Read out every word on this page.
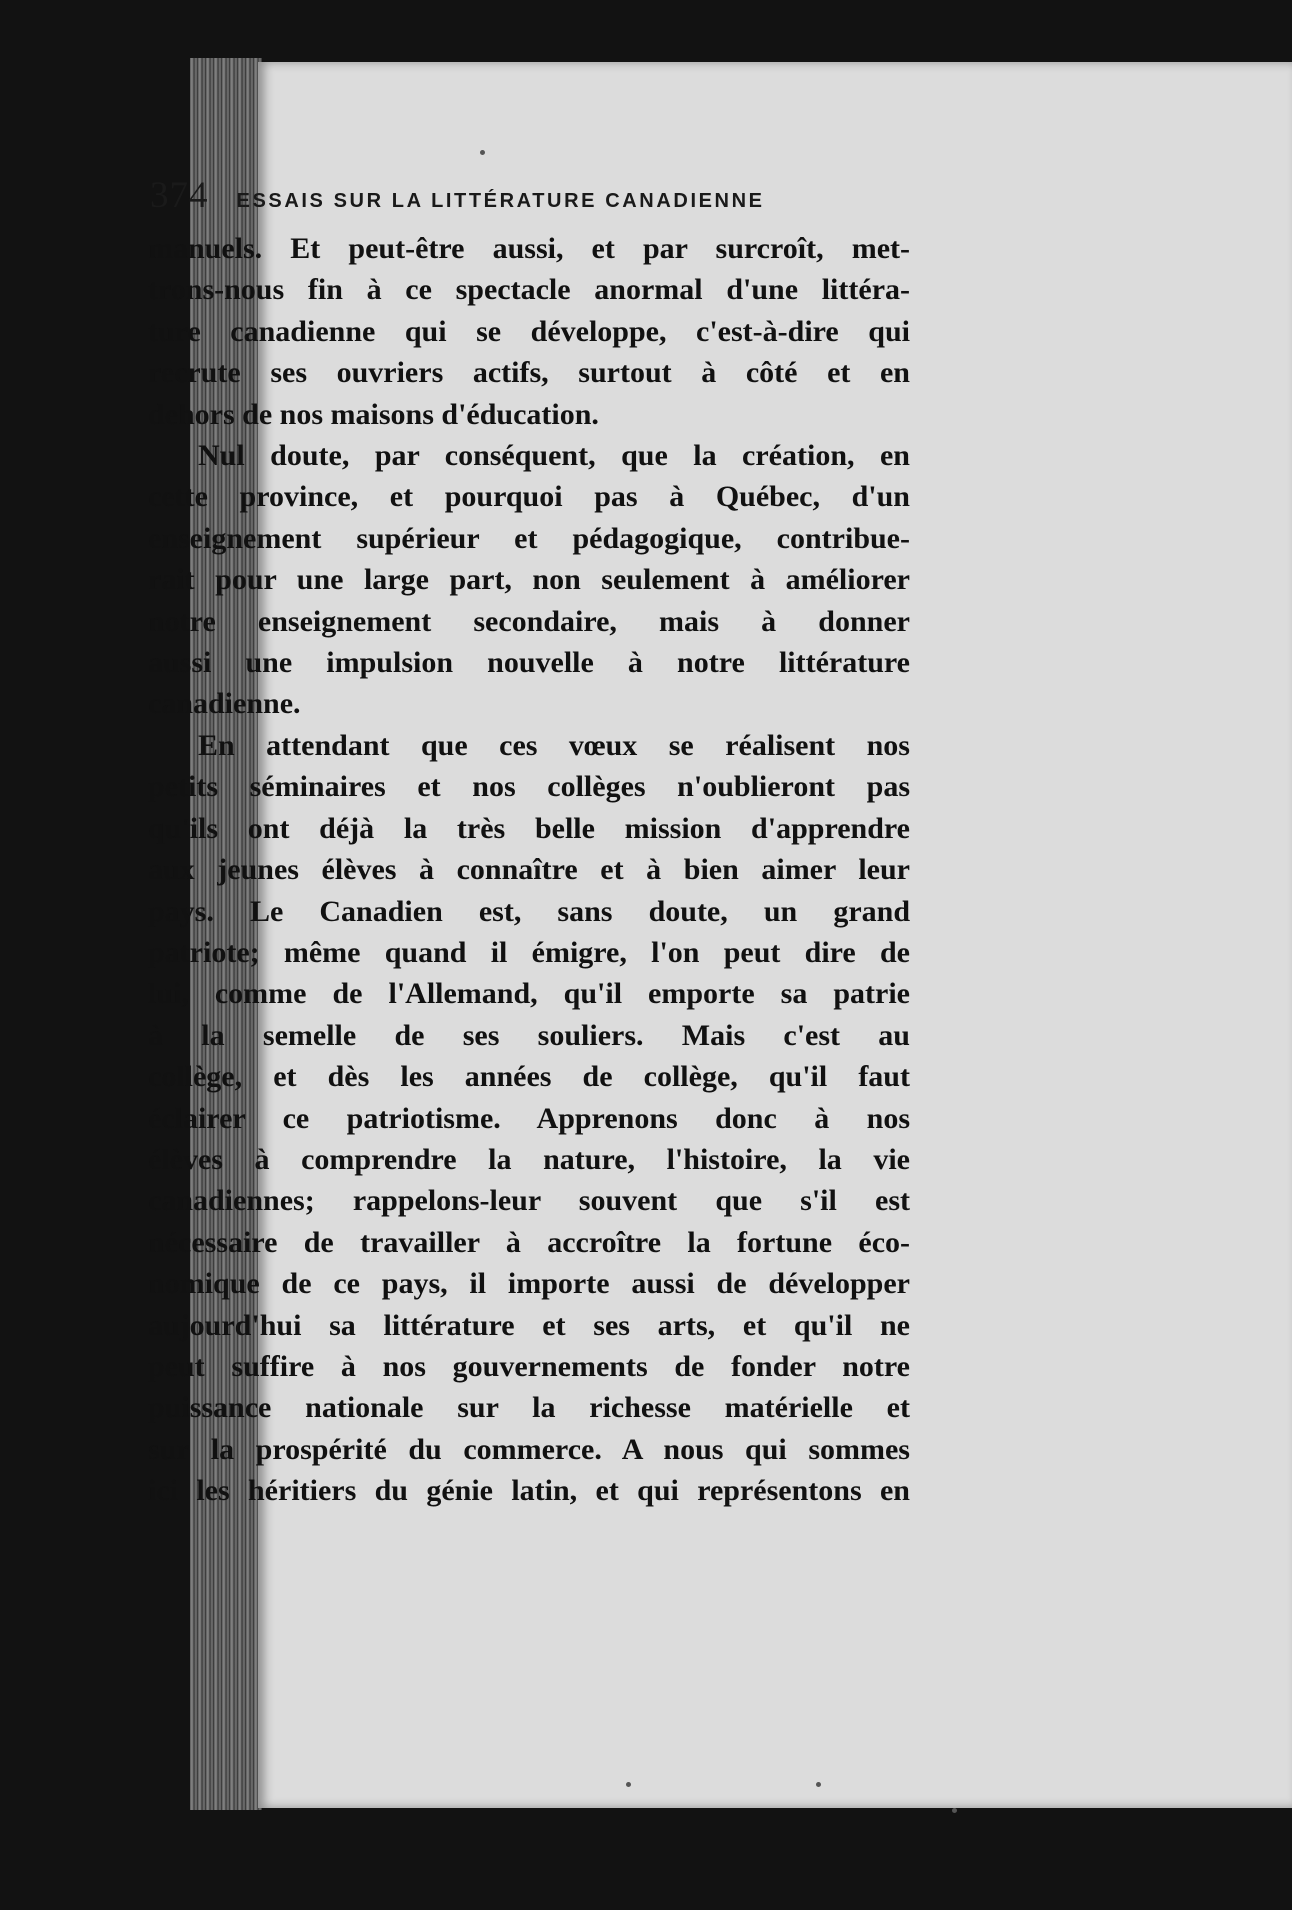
374 ESSAIS SUR LA LITTÉRATURE CANADIENNE
manuels. Et peut-être aussi, et par surcroît, met-
trons-nous fin à ce spectacle anormal d'une littéra-
ture canadienne qui se développe, c'est-à-dire qui
recrute ses ouvriers actifs, surtout à côté et en
dehors de nos maisons d'éducation.
Nul doute, par conséquent, que la création, en
cette province, et pourquoi pas à Québec, d'un
enseignement supérieur et pédagogique, contribue-
rait pour une large part, non seulement à améliorer
notre enseignement secondaire, mais à donner
aussi une impulsion nouvelle à notre littérature
canadienne.
En attendant que ces vœux se réalisent nos
petits séminaires et nos collèges n'oublieront pas
qu'ils ont déjà la très belle mission d'apprendre
aux jeunes élèves à connaître et à bien aimer leur
pays. Le Canadien est, sans doute, un grand
patriote; même quand il émigre, l'on peut dire de
lui, comme de l'Allemand, qu'il emporte sa patrie
à la semelle de ses souliers. Mais c'est au
collège, et dès les années de collège, qu'il faut
éclairer ce patriotisme. Apprenons donc à nos
élèves à comprendre la nature, l'histoire, la vie
canadiennes; rappelons-leur souvent que s'il est
nécessaire de travailler à accroître la fortune éco-
nomique de ce pays, il importe aussi de développer
aujourd'hui sa littérature et ses arts, et qu'il ne
peut suffire à nos gouvernements de fonder notre
puissance nationale sur la richesse matérielle et
sur la prospérité du commerce. A nous qui sommes
ici les héritiers du génie latin, et qui représentons en
